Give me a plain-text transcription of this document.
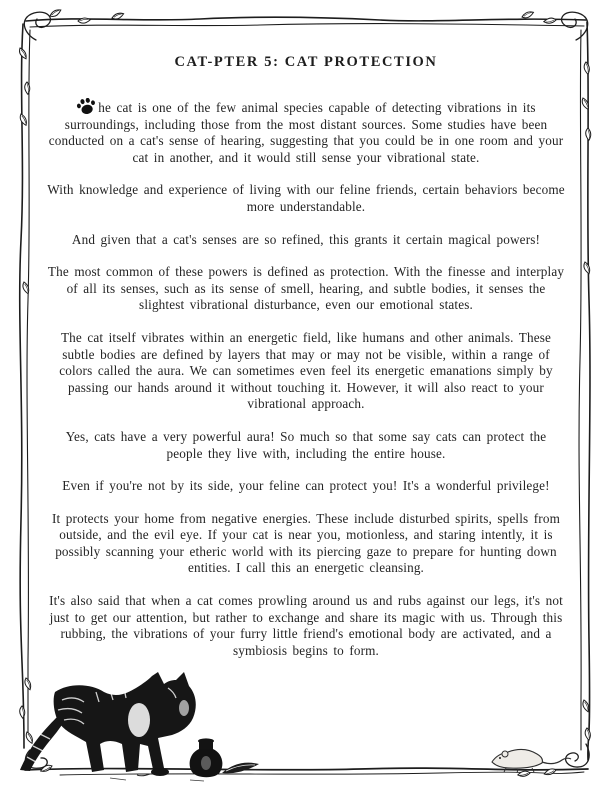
CAT-PTER 5: CAT PROTECTION

he cat is one of the few animal species capable of detecting vibrations in its surroundings, including those from the most distant sources. Some studies have been conducted on a cat's sense of hearing, suggesting that you could be in one room and your cat in another, and it would still sense your vibrational state.

With knowledge and experience of living with our feline friends, certain behaviors become more understandable.

And given that a cat's senses are so refined, this grants it certain magical powers!

The most common of these powers is defined as protection. With the finesse and interplay of all its senses, such as its sense of smell, hearing, and subtle bodies, it senses the slightest vibrational disturbance, even our emotional states.

The cat itself vibrates within an energetic field, like humans and other animals. These subtle bodies are defined by layers that may or may not be visible, within a range of colors called the aura. We can sometimes even feel its energetic emanations simply by passing our hands around it without touching it. However, it will also react to your vibrational approach.

Yes, cats have a very powerful aura! So much so that some say cats can protect the people they live with, including the entire house.

Even if you're not by its side, your feline can protect you! It's a wonderful privilege!

It protects your home from negative energies. These include disturbed spirits, spells from outside, and the evil eye. If your cat is near you, motionless, and staring intently, it is possibly scanning your etheric world with its piercing gaze to prepare for hunting down entities. I call this an energetic cleansing.

It's also said that when a cat comes prowling around us and rubs against our legs, it's not just to get our attention, but rather to exchange and share its magic with us. Through this rubbing, the vibrations of your furry little friend's emotional body are activated, and a symbiosis begins to form.
